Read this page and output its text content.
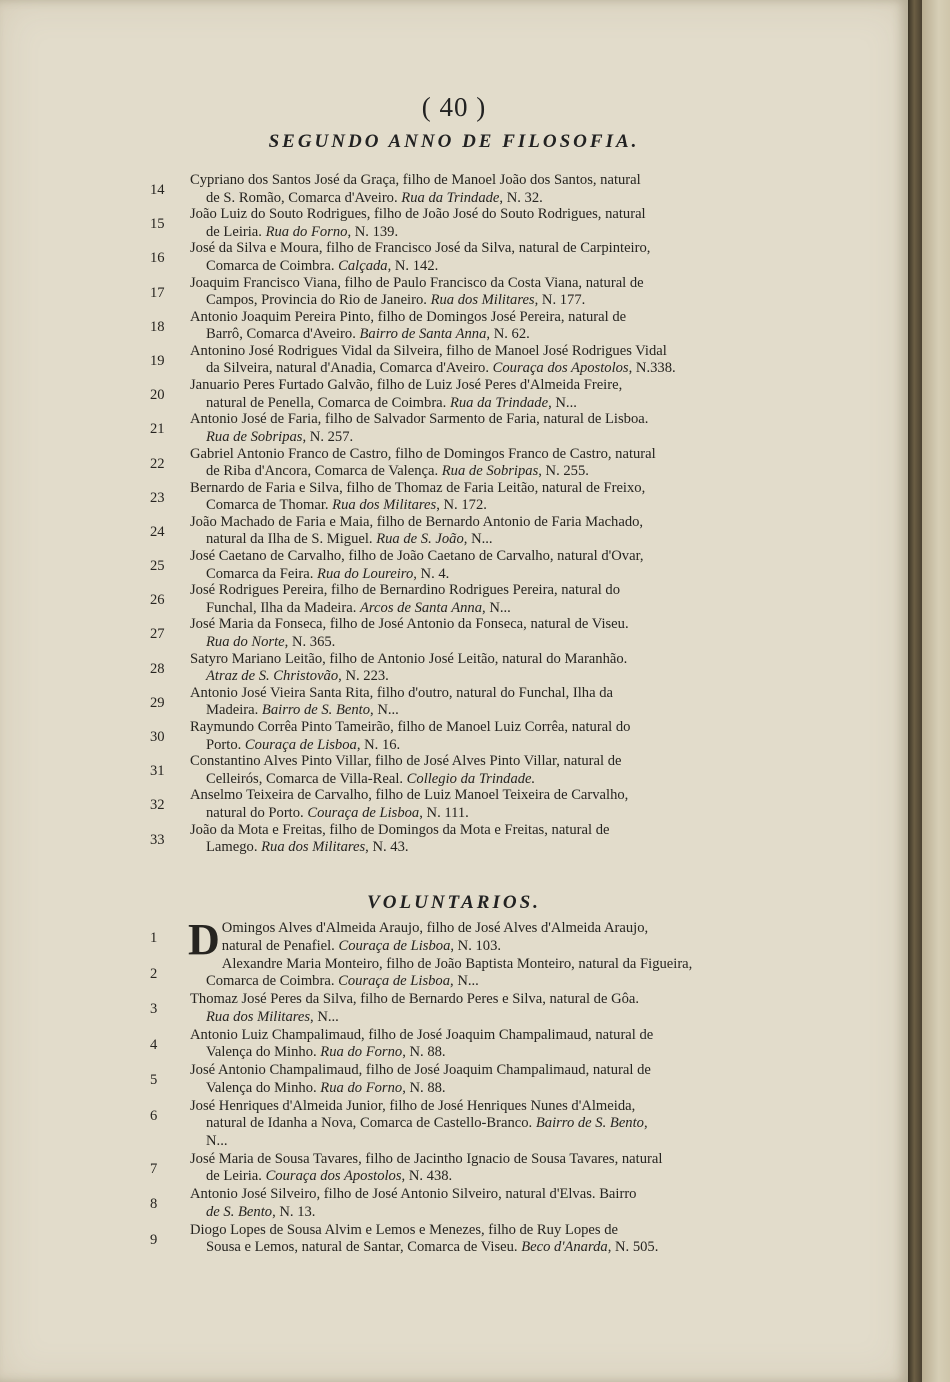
( 40 )
SEGUNDO ANNO DE FILOSOFIA.
14
Cypriano dos Santos José da Graça, filho de Manoel João dos Santos, natural
de S. Romão, Comarca d'Aveiro. Rua da Trindade, N. 32.
15
João Luiz do Souto Rodrigues, filho de João José do Souto Rodrigues, natural
de Leiria. Rua do Forno, N. 139.
16
José da Silva e Moura, filho de Francisco José da Silva, natural de Carpinteiro,
Comarca de Coimbra. Calçada, N. 142.
17
Joaquim Francisco Viana, filho de Paulo Francisco da Costa Viana, natural de
Campos, Provincia do Rio de Janeiro. Rua dos Militares, N. 177.
18
Antonio Joaquim Pereira Pinto, filho de Domingos José Pereira, natural de
Barrô, Comarca d'Aveiro. Bairro de Santa Anna, N. 62.
19
Antonino José Rodrigues Vidal da Silveira, filho de Manoel José Rodrigues Vidal
da Silveira, natural d'Anadia, Comarca d'Aveiro. Couraça dos Apostolos, N.338.
20
Januario Peres Furtado Galvão, filho de Luiz José Peres d'Almeida Freire,
natural de Penella, Comarca de Coimbra. Rua da Trindade, N...
21
Antonio José de Faria, filho de Salvador Sarmento de Faria, natural de Lisboa.
Rua de Sobripas, N. 257.
22
Gabriel Antonio Franco de Castro, filho de Domingos Franco de Castro, natural
de Riba d'Ancora, Comarca de Valença. Rua de Sobripas, N. 255.
23
Bernardo de Faria e Silva, filho de Thomaz de Faria Leitão, natural de Freixo,
Comarca de Thomar. Rua dos Militares, N. 172.
24
João Machado de Faria e Maia, filho de Bernardo Antonio de Faria Machado,
natural da Ilha de S. Miguel. Rua de S. João, N...
25
José Caetano de Carvalho, filho de João Caetano de Carvalho, natural d'Ovar,
Comarca da Feira. Rua do Loureiro, N. 4.
26
José Rodrigues Pereira, filho de Bernardino Rodrigues Pereira, natural do
Funchal, Ilha da Madeira. Arcos de Santa Anna, N...
27
José Maria da Fonseca, filho de José Antonio da Fonseca, natural de Viseu.
Rua do Norte, N. 365.
28
Satyro Mariano Leitão, filho de Antonio José Leitão, natural do Maranhão.
Atraz de S. Christovão, N. 223.
29
Antonio José Vieira Santa Rita, filho d'outro, natural do Funchal, Ilha da
Madeira. Bairro de S. Bento, N...
30
Raymundo Corrêa Pinto Tameirão, filho de Manoel Luiz Corrêa, natural do
Porto. Couraça de Lisboa, N. 16.
31
Constantino Alves Pinto Villar, filho de José Alves Pinto Villar, natural de
Celleirós, Comarca de Villa-Real. Collegio da Trindade.
32
Anselmo Teixeira de Carvalho, filho de Luiz Manoel Teixeira de Carvalho,
natural do Porto. Couraça de Lisboa, N. 111.
33
João da Mota e Freitas, filho de Domingos da Mota e Freitas, natural de
Lamego. Rua dos Militares, N. 43.
VOLUNTARIOS.
1 D Omingos Alves d'Almeida Araujo, filho de José Alves d'Almeida Araujo,
natural de Penafiel. Couraça de Lisboa, N. 103.
2
Alexandre Maria Monteiro, filho de João Baptista Monteiro, natural da Figueira,
Comarca de Coimbra. Couraça de Lisboa, N...
3
Thomaz José Peres da Silva, filho de Bernardo Peres e Silva, natural de Gôa.
Rua dos Militares, N...
4
Antonio Luiz Champalimaud, filho de José Joaquim Champalimaud, natural de
Valença do Minho. Rua do Forno, N. 88.
5
José Antonio Champalimaud, filho de José Joaquim Champalimaud, natural de
Valença do Minho. Rua do Forno, N. 88.
6
José Henriques d'Almeida Junior, filho de José Henriques Nunes d'Almeida,
natural de Idanha a Nova, Comarca de Castello-Branco. Bairro de S. Bento,
N...
7
José Maria de Sousa Tavares, filho de Jacintho Ignacio de Sousa Tavares, natural
de Leiria. Couraça dos Apostolos, N. 438.
8
Antonio José Silveiro, filho de José Antonio Silveiro, natural d'Elvas. Bairro
de S. Bento, N. 13.
9
Diogo Lopes de Sousa Alvim e Lemos e Menezes, filho de Ruy Lopes de
Sousa e Lemos, natural de Santar, Comarca de Viseu. Beco d'Anarda, N. 505.
